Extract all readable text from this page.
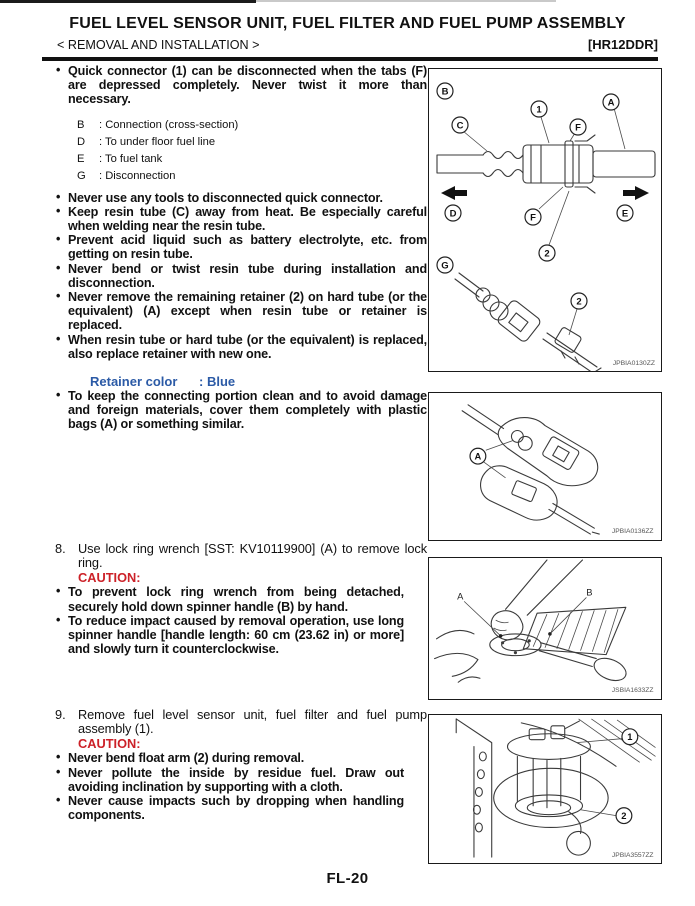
FUEL LEVEL SENSOR UNIT, FUEL FILTER AND FUEL PUMP ASSEMBLY
< REMOVAL AND INSTALLATION >	[HR12DDR]
• Quick connector (1) can be disconnected when the tabs (F) are depressed completely. Never twist it more than necessary.
B	: Connection (cross-section)
D	: To under floor fuel line
E	: To fuel tank
G	: Disconnection
• Never use any tools to disconnected quick connector.
• Keep resin tube (C) away from heat. Be especially careful when welding near the resin tube.
• Prevent acid liquid such as battery electrolyte, etc. from getting on resin tube.
• Never bend or twist resin tube during installation and disconnection.
• Never remove the remaining retainer (2) on hard tube (or the equivalent) (A) except when resin tube or retainer is replaced.
• When resin tube or hard tube (or the equivalent) is replaced, also replace retainer with new one.
Retainer color	: Blue
• To keep the connecting portion clean and to avoid damage and foreign materials, cover them completely with plastic bags (A) or something similar.
8. Use lock ring wrench [SST: KV10119900] (A) to remove lock ring.
CAUTION:
• To prevent lock ring wrench from being detached, securely hold down spinner handle (B) by hand.
• To reduce impact caused by removal operation, use long spinner handle [handle length: 60 cm (23.62 in) or more] and slowly turn it counterclockwise.
9. Remove fuel level sensor unit, fuel filter and fuel pump assembly (1).
CAUTION:
• Never bend float arm (2) during removal.
• Never pollute the inside by residue fuel. Draw out avoiding inclination by supporting with a cloth.
• Never cause impacts such by dropping when handling components.
B
C
1
F
A
D	F
2
E
G
2
JPBIA0130ZZ
A
JPBIA0136ZZ
A	B
JSBIA1633ZZ
1
2
JPBIA3557ZZ
FL-20
